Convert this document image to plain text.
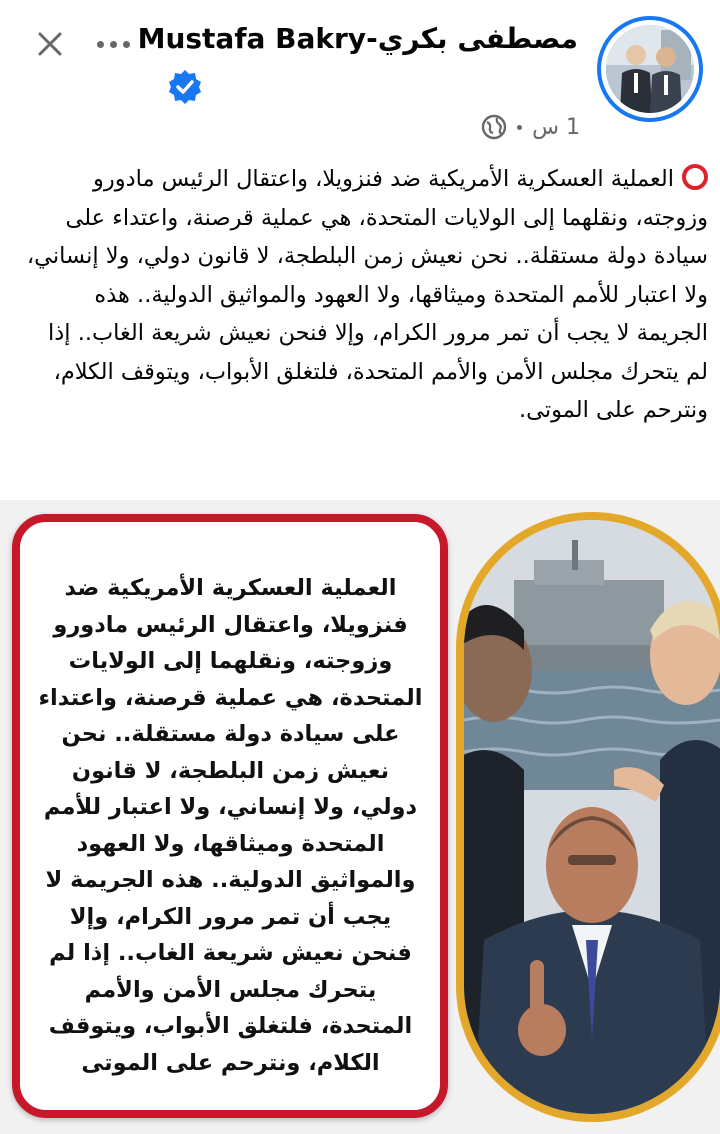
Mustafa Bakry-مصطفى بكري
1 س

العملية العسكرية الأمريكية ضد فنزويلا، واعتقال الرئيس مادورو وزوجته، ونقلهما إلى الولايات المتحدة، هي عملية قرصنة، واعتداء على سيادة دولة مستقلة.. نحن نعيش زمن البلطجة، لا قانون دولي، ولا إنساني، ولا اعتبار للأمم المتحدة وميثاقها، ولا العهود والمواثيق الدولية.. هذه الجريمة لا يجب أن تمر مرور الكرام، وإلا فنحن نعيش شريعة الغاب.. إذا لم يتحرك مجلس الأمن والأمم المتحدة، فلتغلق الأبواب، ويتوقف الكلام، ونترحم على الموتى.

العملية العسكرية الأمريكية ضد فنزويلا، واعتقال الرئيس مادورو وزوجته، ونقلهما إلى الولايات المتحدة، هي عملية قرصنة، واعتداء على سيادة دولة مستقلة.. نحن نعيش زمن البلطجة، لا قانون دولي، ولا إنساني، ولا اعتبار للأمم المتحدة وميثاقها، ولا العهود والمواثيق الدولية.. هذه الجريمة لا يجب أن تمر مرور الكرام، وإلا فنحن نعيش شريعة الغاب.. إذا لم يتحرك مجلس الأمن والأمم المتحدة، فلتغلق الأبواب، ويتوقف الكلام، ونترحم على الموتى
